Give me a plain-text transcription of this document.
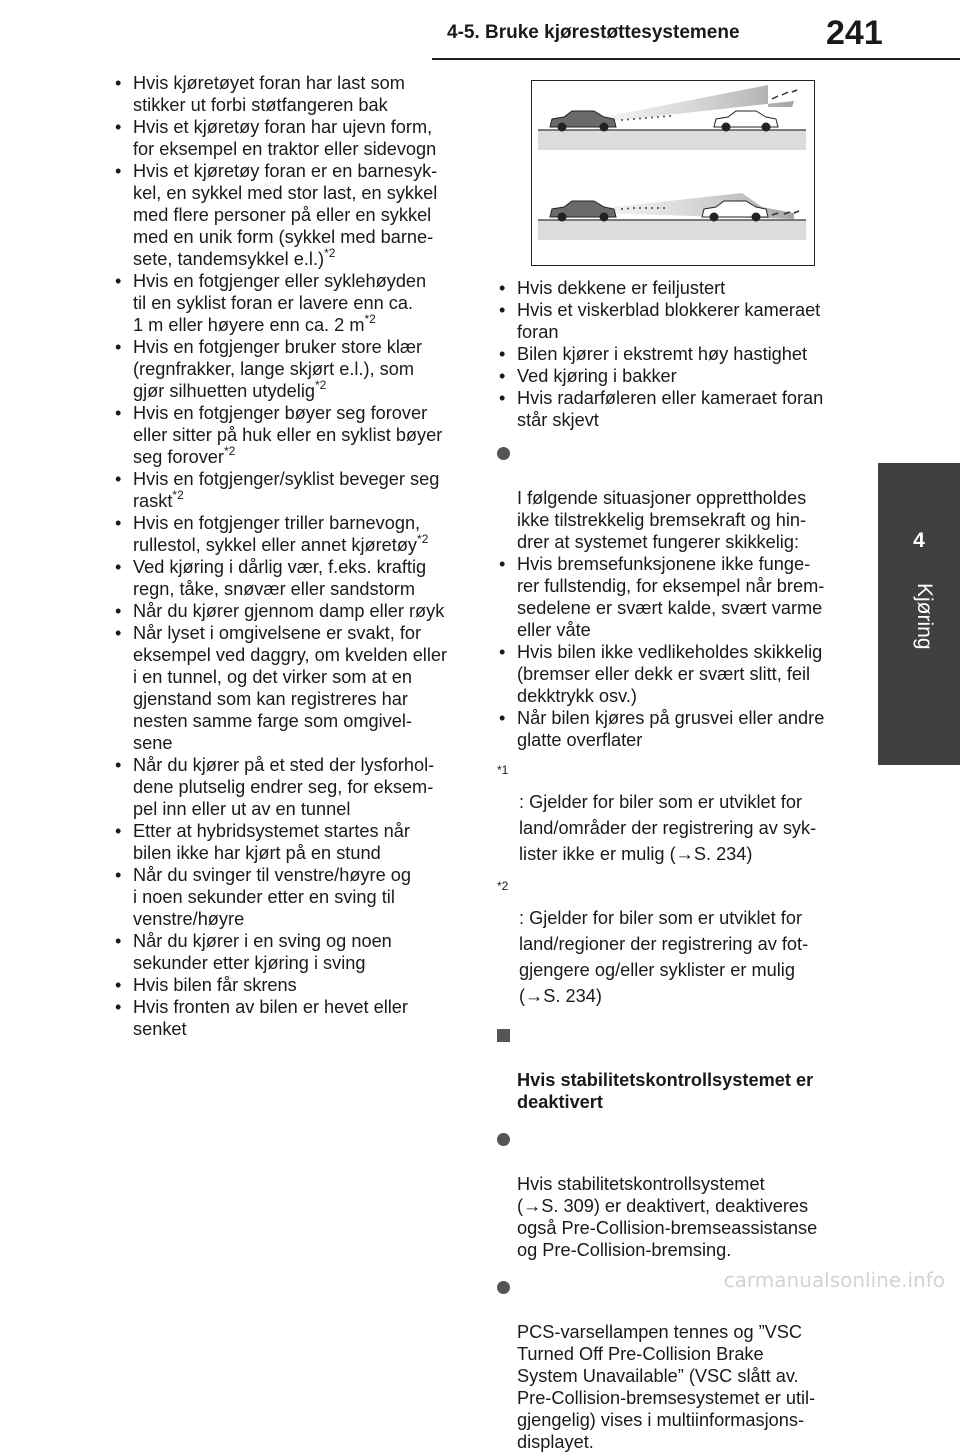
4-5. Bruke kjørestøttesystemene	241
4
Kjøring
• Hvis kjøretøyet foran har last som
stikker ut forbi støtfangeren bak
• Hvis et kjøretøy foran har ujevn form,
for eksempel en traktor eller sidevogn
• Hvis et kjøretøy foran er en barnesyk-
kel, en sykkel med stor last, en sykkel
med flere personer på eller en sykkel
med en unik form (sykkel med barne-
sete, tandemsykkel e.l.)$^{*2}$
• Hvis en fotgjenger eller syklehøyden
til en syklist foran er lavere enn ca.
1 m eller høyere enn ca. 2 $m^{*2}$
• Hvis en fotgjenger bruker store klær
(regnfrakker, lange skjørt e.l.), som
gjør silhuetten utydelig$^{*2}$
• Hvis en fotgjenger bøyer seg forover
eller sitter på huk eller en syklist bøyer
seg forover$^{*2}$
• Hvis en fotgjenger/syklist beveger seg
raskt$^{*2}$
• Hvis en fotgjenger triller barnevogn,
rullestol, sykkel eller annet kjøretøy$^{*2}$
• Ved kjøring i dårlig vær, f.eks. kraftig
regn, tåke, snøvær eller sandstorm
• Når du kjører gjennom damp eller røyk
• Når lyset i omgivelsene er svakt, for
eksempel ved daggry, om kvelden eller
i en tunnel, og det virker som at en
gjenstand som kan registreres har
nesten samme farge som omgivel-
sene
• Når du kjører på et sted der lysforhol-
dene plutselig endrer seg, for eksem-
pel inn eller ut av en tunnel
• Etter at hybridsystemet startes når
bilen ikke har kjørt på en stund
• Når du svinger til venstre/høyre og
i noen sekunder etter en sving til
venstre/høyre
• Når du kjører i en sving og noen
sekunder etter kjøring i sving
• Hvis bilen får skrens
• Hvis fronten av bilen er hevet eller
senket
• Hvis dekkene er feiljustert
• Hvis et viskerblad blokkerer kameraet
foran
• Bilen kjører i ekstremt høy hastighet
• Ved kjøring i bakker
• Hvis radarføleren eller kameraet foran
står skjevt

I følgende situasjoner opprettholdes
ikke tilstrekkelig bremsekraft og hin-
drer at systemet fungerer skikkelig:

• Hvis bremsefunksjonene ikke funge-
rer fullstendig, for eksempel når brem-
sedelene er svært kalde, svært varme
eller våte
• Hvis bilen ikke vedlikeholdes skikkelig
(bremser eller dekk er svært slitt, feil
dekktrykk osv.)
• Når bilen kjøres på grusvei eller andre
glatte overflater

$^{*1}$
: Gjelder for biler som er utviklet for
land/områder der registrering av syk-
lister ikke er mulig (→S. 234)

$^{*2}$
: Gjelder for biler som er utviklet for
land/regioner der registrering av fot-
gjengere og/eller syklister er mulig
(→S. 234)

Hvis stabilitetskontrollsystemet er
deaktivert

Hvis stabilitetskontrollsystemet
(→S. 309) er deaktivert, deaktiveres
også Pre-Collision-bremseassistanse
og Pre-Collision-bremsing.

PCS-varsellampen tennes og ”VSC
Turned Off Pre-Collision Brake
System Unavailable” (VSC slått av.
Pre-Collision-bremsesystemet er util-
gjengelig) vises i multiinformasjons-
displayet.

carmanualsonline.info
